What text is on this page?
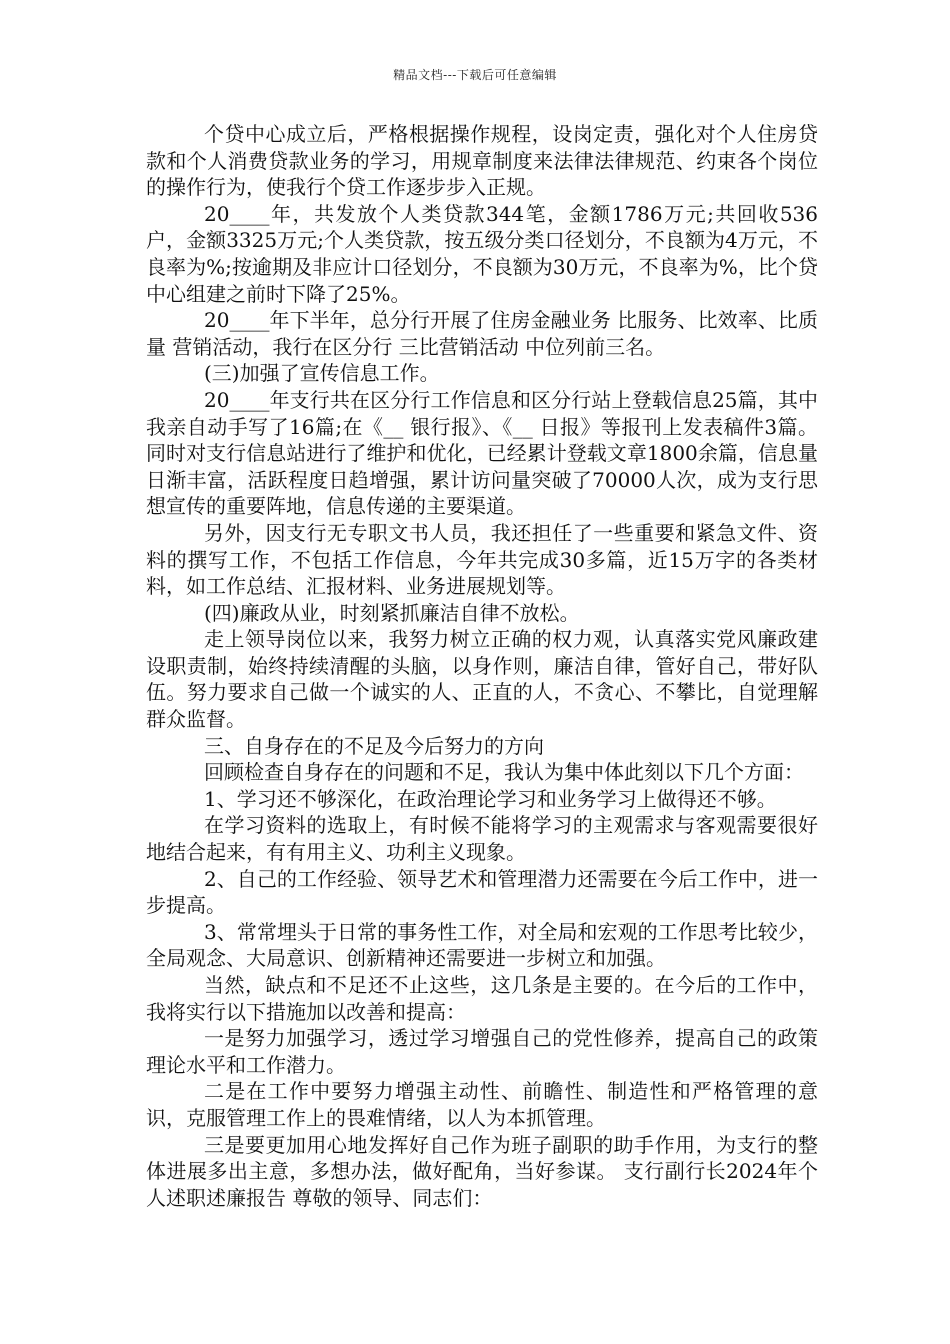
精品文档---下载后可任意编辑

个贷中心成立后，严格根据操作规程，设岗定责，强化对个人住房贷款和个人消费贷款业务的学习，用规章制度来法律法律规范、约束各个岗位的操作行为，使我行个贷工作逐步步入正规。

20____年，共发放个人类贷款344笔，金额1786万元;共回收536户，金额3325万元;个人类贷款，按五级分类口径划分，不良额为4万元，不良率为%;按逾期及非应计口径划分，不良额为30万元，不良率为%，比个贷中心组建之前时下降了25%。

20____年下半年，总分行开展了住房金融业务 比服务、比效率、比质量 营销活动，我行在区分行 三比营销活动 中位列前三名。

(三)加强了宣传信息工作。

20____年支行共在区分行工作信息和区分行站上登载信息25篇，其中我亲自动手写了16篇;在《__ 银行报》、《__ 日报》等报刊上发表稿件3篇。同时对支行信息站进行了维护和优化，已经累计登载文章1800余篇，信息量日渐丰富，活跃程度日趋增强，累计访问量突破了70000人次，成为支行思想宣传的重要阵地，信息传递的主要渠道。

另外，因支行无专职文书人员，我还担任了一些重要和紧急文件、资料的撰写工作，不包括工作信息，今年共完成30多篇，近15万字的各类材料，如工作总结、汇报材料、业务进展规划等。

(四)廉政从业，时刻紧抓廉洁自律不放松。

走上领导岗位以来，我努力树立正确的权力观，认真落实党风廉政建设职责制，始终持续清醒的头脑，以身作则，廉洁自律，管好自己，带好队伍。努力要求自己做一个诚实的人、正直的人，不贪心、不攀比，自觉理解群众监督。

三、自身存在的不足及今后努力的方向

回顾检查自身存在的问题和不足，我认为集中体此刻以下几个方面：

1、学习还不够深化，在政治理论学习和业务学习上做得还不够。

在学习资料的选取上，有时候不能将学习的主观需求与客观需要很好地结合起来，有有用主义、功利主义现象。

2、自己的工作经验、领导艺术和管理潜力还需要在今后工作中，进一步提高。

3、常常埋头于日常的事务性工作，对全局和宏观的工作思考比较少，全局观念、大局意识、创新精神还需要进一步树立和加强。

当然，缺点和不足还不止这些，这几条是主要的。在今后的工作中，我将实行以下措施加以改善和提高：

一是努力加强学习，透过学习增强自己的党性修养，提高自己的政策理论水平和工作潜力。

二是在工作中要努力增强主动性、前瞻性、制造性和严格管理的意识，克服管理工作上的畏难情绪，以人为本抓管理。

三是要更加用心地发挥好自己作为班子副职的助手作用，为支行的整体进展多出主意，多想办法，做好配角，当好参谋。 支行副行长2024年个人述职述廉报告 尊敬的领导、同志们：
